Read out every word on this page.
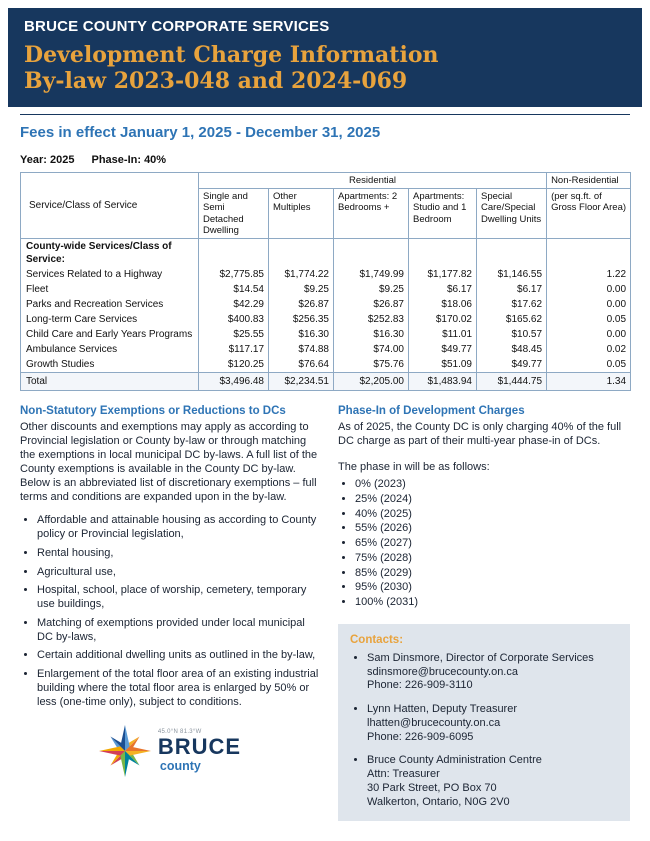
BRUCE COUNTY CORPORATE SERVICES
Development Charge Information
By-law 2023-048 and 2024-069
Fees in effect January 1, 2025 - December 31, 2025
Year: 2025 Phase-In: 40%
Service/Class of Service	Residential					Non-Residential
	Single and Semi Detached Dwelling	Other Multiples	Apartments: 2 Bedrooms +	Apartments: Studio and 1 Bedroom	Special Care/Special Dwelling Units	(per sq.ft. of Gross Floor Area)
County-wide Services/Class of Service:						
Services Related to a Highway	$2,775.85	$1,774.22	$1,749.99	$1,177.82	$1,146.55	1.22
Fleet	$14.54	$9.25	$9.25	$6.17	$6.17	0.00
Parks and Recreation Services	$42.29	$26.87	$26.87	$18.06	$17.62	0.00
Long-term Care Services	$400.83	$256.35	$252.83	$170.02	$165.62	0.05
Child Care and Early Years Programs	$25.55	$16.30	$16.30	$11.01	$10.57	0.00
Ambulance Services	$117.17	$74.88	$74.00	$49.77	$48.45	0.02
Growth Studies	$120.25	$76.64	$75.76	$51.09	$49.77	0.05
Total	$3,496.48	$2,234.51	$2,205.00	$1,483.94	$1,444.75	1.34
Non-Statutory Exemptions or Reductions to DCs

Other discounts and exemptions may apply as according to Provincial legislation or County by-law or through matching the exemptions in local municipal DC by-laws. A full list of the County exemptions is available in the County DC by-law. Below is an abbreviated list of discretionary exemptions – full terms and conditions are expanded upon in the by-law.

• Affordable and attainable housing as according to County policy or Provincial legislation,
• Rental housing,
• Agricultural use,
• Hospital, school, place of worship, cemetery, temporary use buildings,
• Matching of exemptions provided under local municipal DC by-laws,
• Certain additional dwelling units as outlined in the by-law,
• Enlargement of the total floor area of an existing industrial building where the total floor area is enlarged by 50% or less (one-time only), subject to conditions.
45.0°N 81.3°W
BRUCE
county
Phase-In of Development Charges

As of 2025, the County DC is only charging 40% of the full DC charge as part of their multi-year phase-in of DCs.

The phase in will be as follows:

• 0% (2023)
• 25% (2024)
• 40% (2025)
• 55% (2026)
• 65% (2027)
• 75% (2028)
• 85% (2029)
• 95% (2030)
• 100% (2031)
Contacts:
• Sam Dinsmore, Director of Corporate Services
sdinsmore@brucecounty.on.ca
Phone: 226-909-3110
• Lynn Hatten, Deputy Treasurer
lhatten@brucecounty.on.ca
Phone: 226-909-6095
• Bruce County Administration Centre
Attn: Treasurer
30 Park Street, PO Box 70
Walkerton, Ontario, N0G 2V0
